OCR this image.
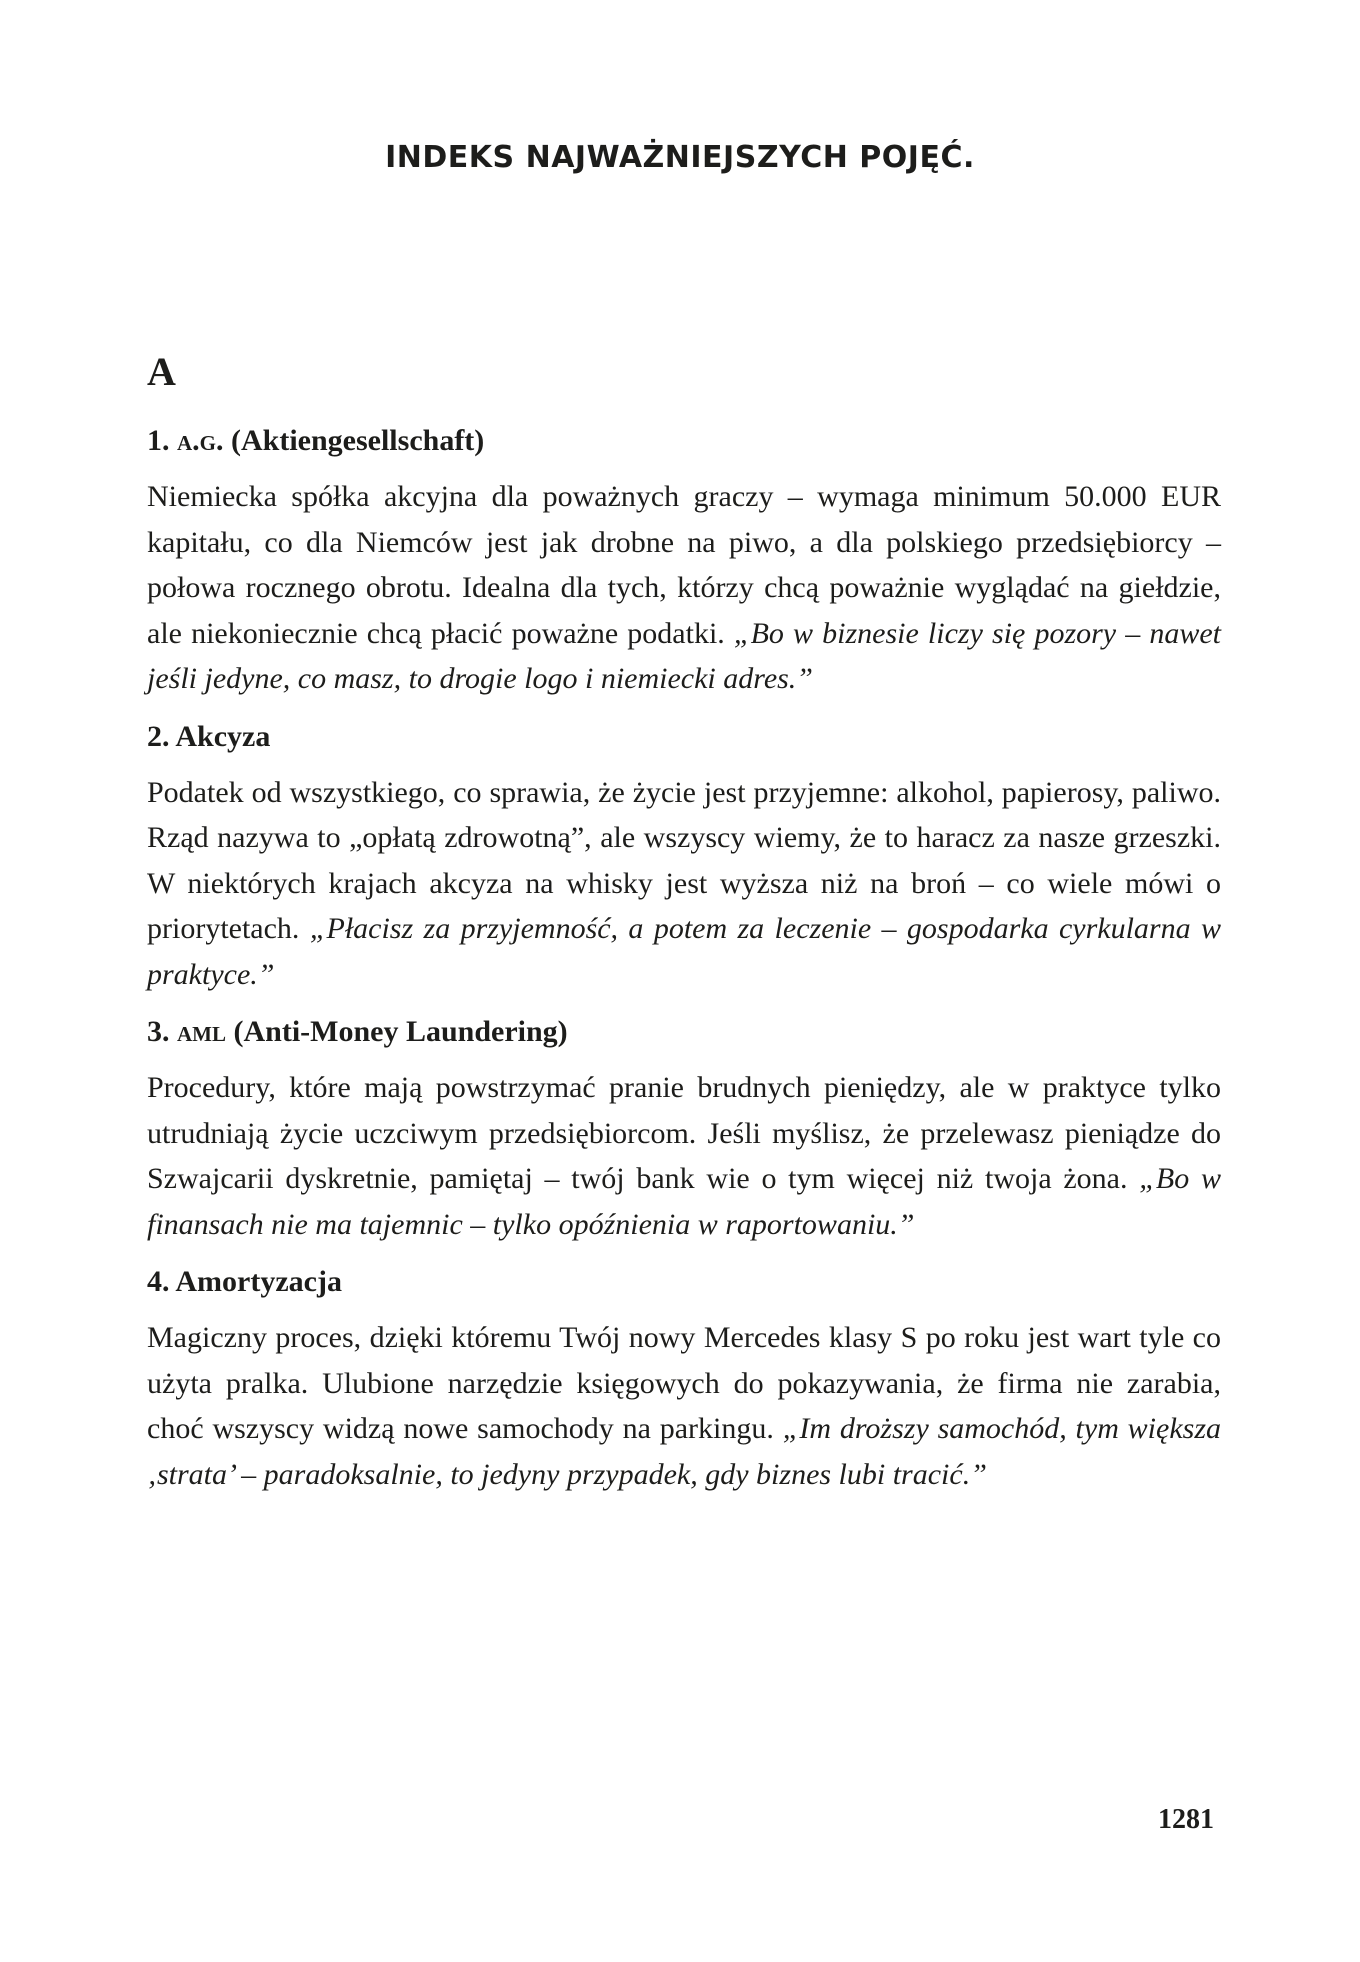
INDEKS NAJWAŻNIEJSZYCH POJĘĆ.
A

1. a.g. (Aktiengesellschaft)

Niemiecka spółka akcyjna dla poważnych graczy – wymaga minimum 50.000 EUR kapitału, co dla Niemców jest jak drobne na piwo, a dla polskiego przedsiębiorcy – połowa rocznego obrotu. Idealna dla tych, którzy chcą poważnie wyglądać na giełdzie, ale niekoniecznie chcą płacić poważne podatki. „Bo w biznesie liczy się pozory – nawet jeśli jedyne, co masz, to drogie logo i niemiecki adres.”

2. Akcyza

Podatek od wszystkiego, co sprawia, że życie jest przyjemne: alkohol, papierosy, paliwo. Rząd nazywa to „opłatą zdrowotną”, ale wszyscy wiemy, że to haracz za nasze grzeszki. W niektórych krajach akcyza na whisky jest wyższa niż na broń – co wiele mówi o priorytetach. „Płacisz za przyjemność, a potem za leczenie – gospodarka cyrkularna w praktyce.”

3. aml (Anti-Money Laundering)

Procedury, które mają powstrzymać pranie brudnych pieniędzy, ale w praktyce tylko utrudniają życie uczciwym przedsiębiorcom. Jeśli myślisz, że przelewasz pieniądze do Szwajcarii dyskretnie, pamiętaj – twój bank wie o tym więcej niż twoja żona. „Bo w finansach nie ma tajemnic – tylko opóźnienia w raportowaniu.”

4. Amortyzacja

Magiczny proces, dzięki któremu Twój nowy Mercedes klasy S po roku jest wart tyle co użyta pralka. Ulubione narzędzie księgowych do pokazywania, że firma nie zarabia, choć wszyscy widzą nowe samochody na parkingu. „Im droższy samochód, tym większa ‚strata’ – paradoksalnie, to jedyny przypadek, gdy biznes lubi tracić.”

1281
